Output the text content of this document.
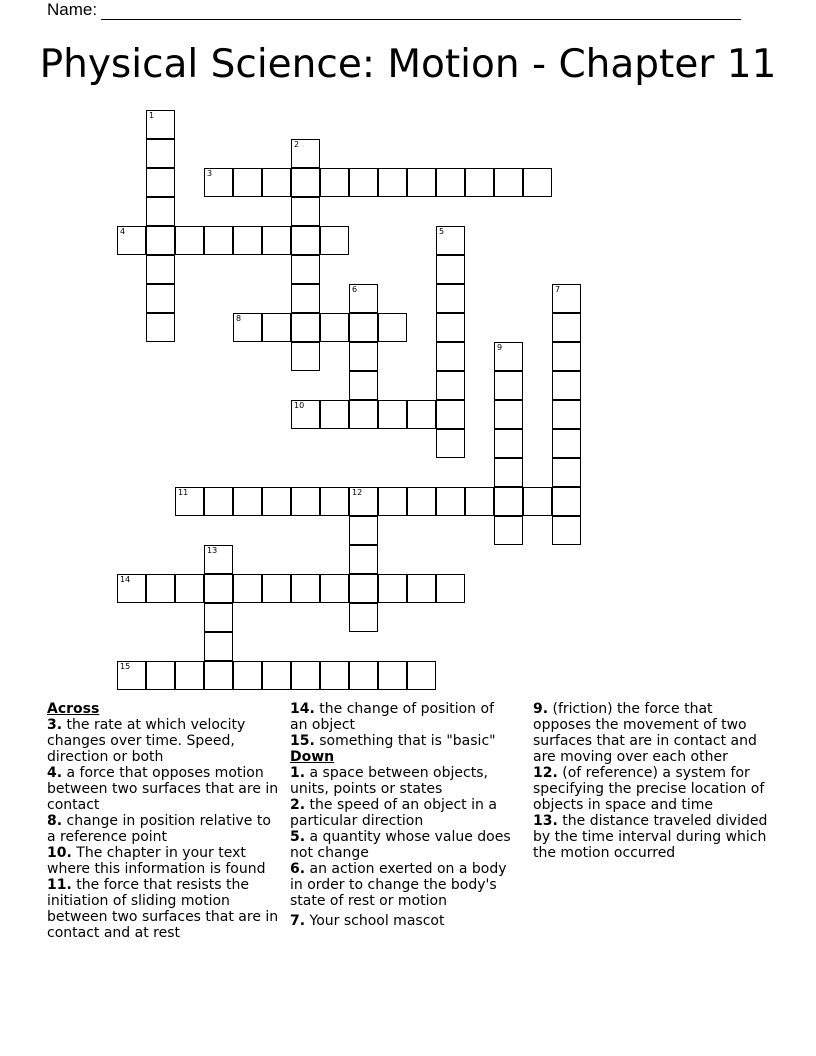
Name:
Physical Science: Motion - Chapter 11
1
2
3
4	5
6	7
8
9
10
11	12
13
14
15
Across
3. the rate at which velocity changes over time. Speed, direction or both
4. a force that opposes motion between two surfaces that are in contact
8. change in position relative to a reference point
10. The chapter in your text where this information is found
11. the force that resists the initiation of sliding motion between two surfaces that are in contact and at rest
14. the change of position of an object
15. something that is "basic"
Down
1. a space between objects, units, points or states
2. the speed of an object in a particular direction
5. a quantity whose value does not change
6. an action exerted on a body in order to change the body's state of rest or motion
7. Your school mascot
9. (friction) the force that opposes the movement of two surfaces that are in contact and are moving over each other
12. (of reference) a system for specifying the precise location of objects in space and time
13. the distance traveled divided by the time interval during which the motion occurred
